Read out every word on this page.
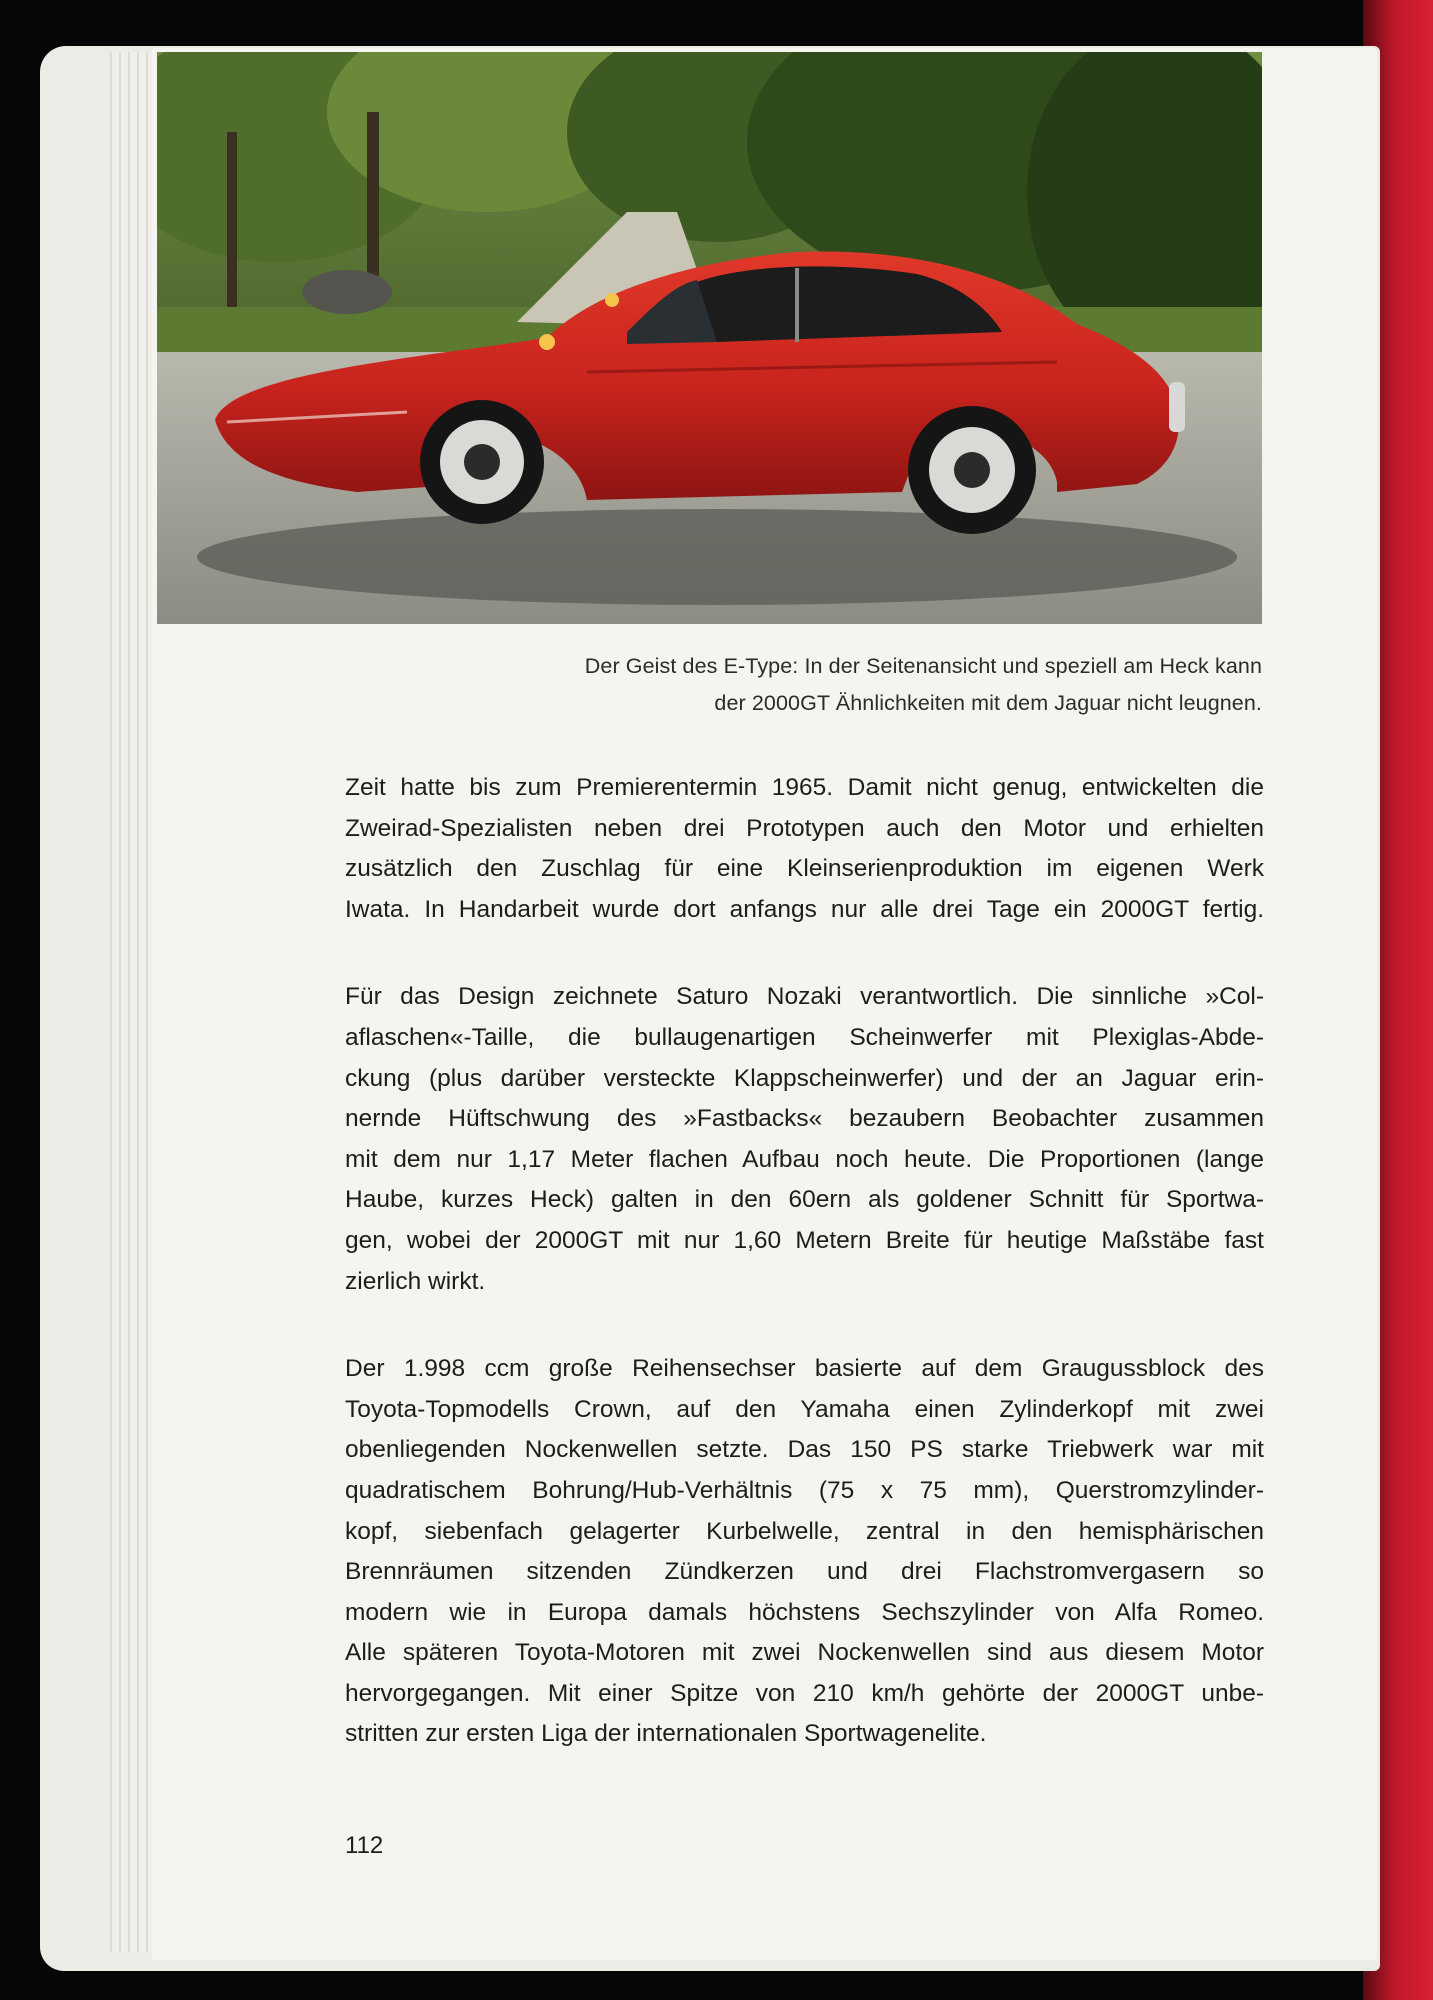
Der Geist des E-Type: In der Seitenansicht und speziell am Heck kann
der 2000GT Ähnlichkeiten mit dem Jaguar nicht leugnen.
Zeit hatte bis zum Premierentermin 1965. Damit nicht genug, entwickelten die
Zweirad-Spezialisten neben drei Prototypen auch den Motor und erhielten
zusätzlich den Zuschlag für eine Kleinserienproduktion im eigenen Werk
Iwata. In Handarbeit wurde dort anfangs nur alle drei Tage ein 2000GT fertig.
Für das Design zeichnete Saturo Nozaki verantwortlich. Die sinnliche »Col-
aflaschen«-Taille, die bullaugenartigen Scheinwerfer mit Plexiglas-Abde-
ckung (plus darüber versteckte Klappscheinwerfer) und der an Jaguar erin-
nernde Hüftschwung des »Fastbacks« bezaubern Beobachter zusammen
mit dem nur 1,17 Meter flachen Aufbau noch heute. Die Proportionen (lange
Haube, kurzes Heck) galten in den 60ern als goldener Schnitt für Sportwa-
gen, wobei der 2000GT mit nur 1,60 Metern Breite für heutige Maßstäbe fast
zierlich wirkt.
Der 1.998 ccm große Reihensechser basierte auf dem Graugussblock des
Toyota-Topmodells Crown, auf den Yamaha einen Zylinderkopf mit zwei
obenliegenden Nockenwellen setzte. Das 150 PS starke Triebwerk war mit
quadratischem Bohrung/Hub-Verhältnis (75 x 75 mm), Querstromzylinder-
kopf, siebenfach gelagerter Kurbelwelle, zentral in den hemisphärischen
Brennräumen sitzenden Zündkerzen und drei Flachstromvergasern so
modern wie in Europa damals höchstens Sechszylinder von Alfa Romeo.
Alle späteren Toyota-Motoren mit zwei Nockenwellen sind aus diesem Motor
hervorgegangen. Mit einer Spitze von 210 km/h gehörte der 2000GT unbe-
stritten zur ersten Liga der internationalen Sportwagenelite.
112
